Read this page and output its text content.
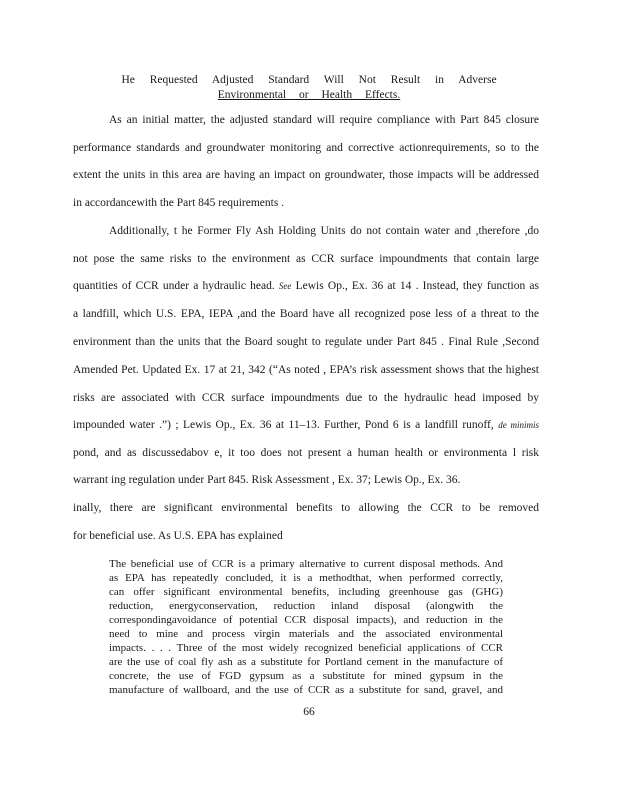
He Requested Adjusted Standard Will Not Result in Adverse
Environmental or Health Effects.
As an initial matter, the adjusted standard will require compliance with Part 845 closure
performance standards and groundwater monitoring and corrective actionrequirements, so to the
extent the units in this area are having an impact on groundwater, those impacts will be addressed
in accordancewith the Part 845 requirements .
Additionally, t he Former Fly Ash Holding Units do not contain water and ,therefore ,do
not pose the same risks to the environment as CCR surface impoundments that contain large
quantities of CCR under a hydraulic head. See Lewis Op., Ex. 36 at 14 . Instead, they function as
a landfill, which U.S. EPA, IEPA ,and the Board have all recognized pose less of a threat to the
environment than the units that the Board sought to regulate under Part 845 . Final Rule ,Second
Amended Pet. Updated Ex. 17 at 21, 342 (“As noted , EPA’s risk assessment shows that the highest
risks are associated with CCR surface impoundments due to the hydraulic head imposed by
impounded water .”) ; Lewis Op., Ex. 36 at 11–13. Further, Pond 6 is a landfill runoff, de minimis
pond, and as discussedabov e, it too does not present a human health or environmenta l risk
warrant ing regulation under Part 845. Risk Assessment , Ex. 37; Lewis Op., Ex. 36.
inally, there are significant environmental benefits to allowing the CCR to be removed
for beneficial use. As U.S. EPA has explained
The beneficial use of CCR is a primary alternative to current disposal methods. And
as EPA has repeatedly concluded, it is a methodthat, when performed correctly,
can offer significant environmental benefits, including greenhouse gas (GHG)
reduction, energyconservation, reduction inland disposal (alongwith the
correspondingavoidance of potential CCR disposal impacts), and reduction in the
need to mine and process virgin materials and the associated environmental
impacts. . . . Three of the most widely recognized beneficial applications of CCR
are the use of coal fly ash as a substitute for Portland cement in the manufacture of
concrete, the use of FGD gypsum as a substitute for mined gypsum in the
manufacture of wallboard, and the use of CCR as a substitute for sand, gravel, and
66
